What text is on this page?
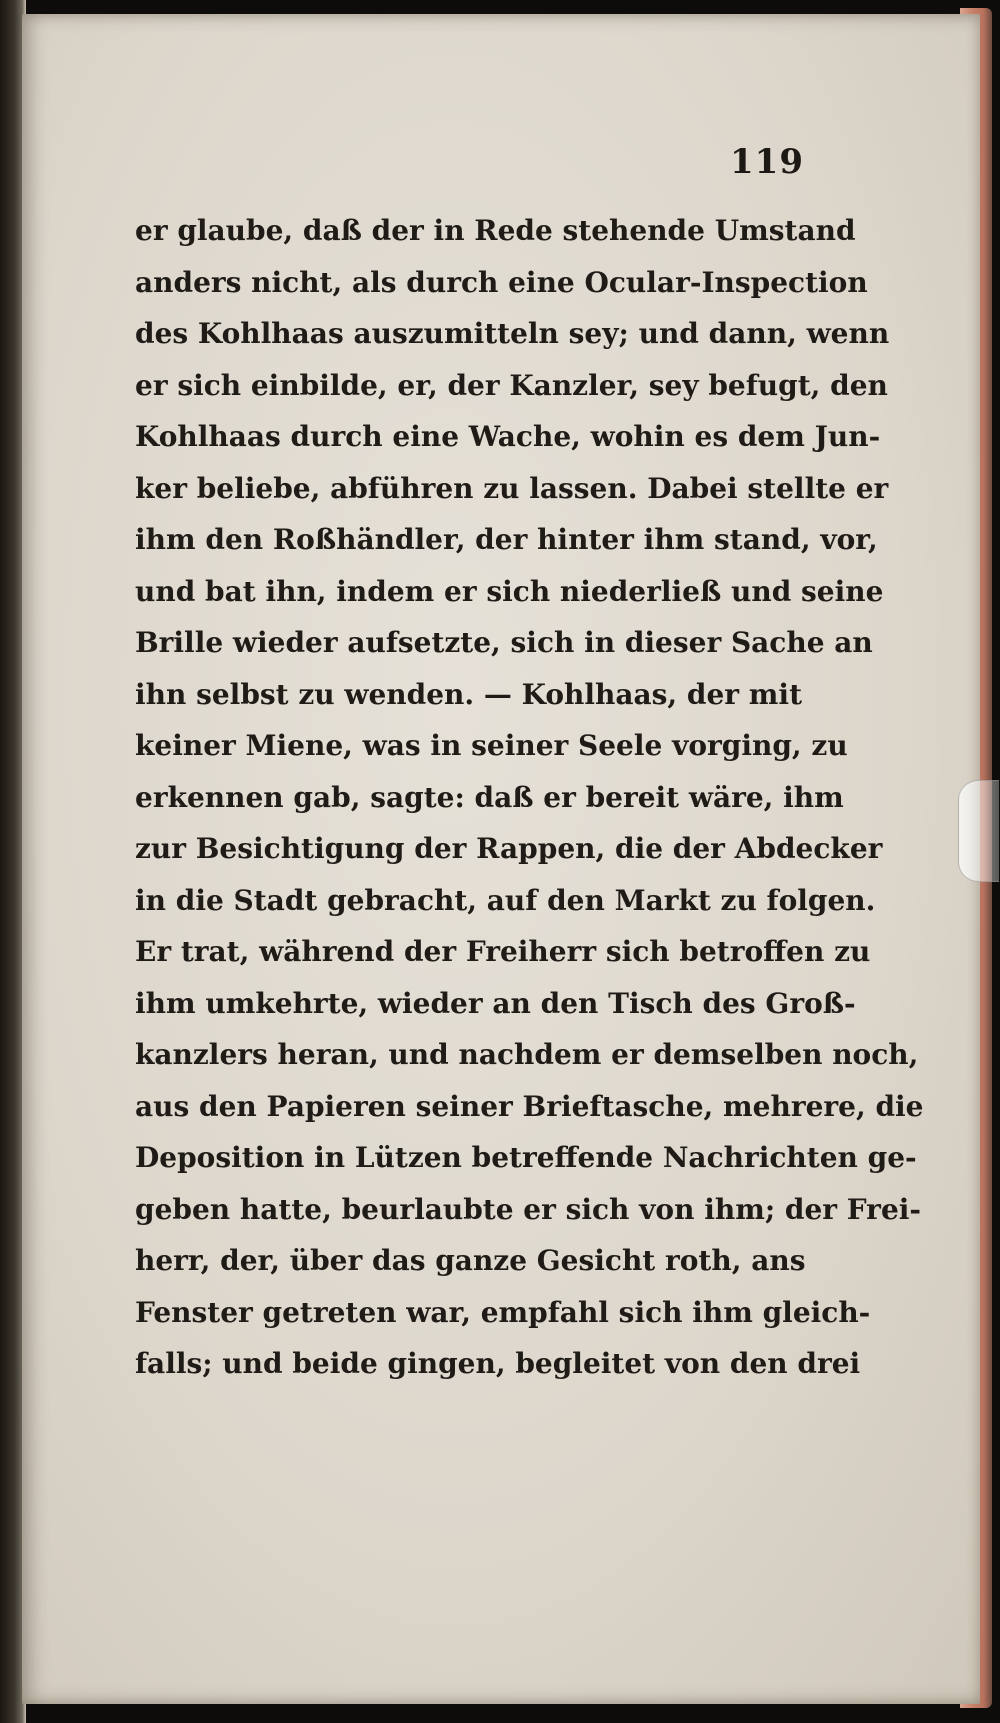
119
er glaube, daß der in Rede stehende Umstand
anders nicht, als durch eine Ocular-Inspection
des Kohlhaas auszumitteln sey; und dann, wenn
er sich einbilde, er, der Kanzler, sey befugt, den
Kohlhaas durch eine Wache, wohin es dem Jun-
ker beliebe, abführen zu lassen. Dabei stellte er
ihm den Roßhändler, der hinter ihm stand, vor,
und bat ihn, indem er sich niederließ und seine
Brille wieder aufsetzte, sich in dieser Sache an
ihn selbst zu wenden. — Kohlhaas, der mit
keiner Miene, was in seiner Seele vorging, zu
erkennen gab, sagte: daß er bereit wäre, ihm
zur Besichtigung der Rappen, die der Abdecker
in die Stadt gebracht, auf den Markt zu folgen.
Er trat, während der Freiherr sich betroffen zu
ihm umkehrte, wieder an den Tisch des Groß-
kanzlers heran, und nachdem er demselben noch,
aus den Papieren seiner Brieftasche, mehrere, die
Deposition in Lützen betreffende Nachrichten ge-
geben hatte, beurlaubte er sich von ihm; der Frei-
herr, der, über das ganze Gesicht roth, ans
Fenster getreten war, empfahl sich ihm gleich-
falls; und beide gingen, begleitet von den drei
